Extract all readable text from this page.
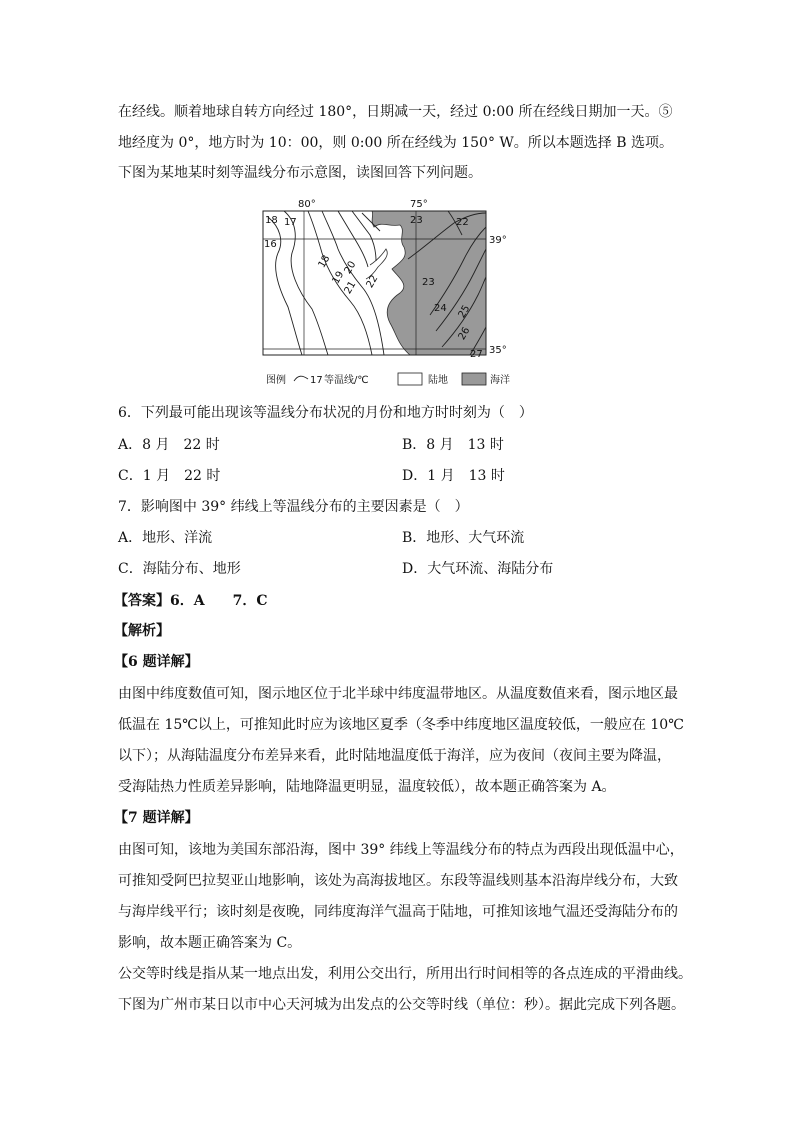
在经线。顺着地球自转方向经过 180°，日期减一天，经过 0:00 所在经线日期加一天。⑤
地经度为 0°，地方时为 10：00，则 0:00 所在经线为 150° W。所以本题选择 B 选项。
下图为某地某时刻等温线分布示意图，读图回答下列问题。
80°	75°
39°
35°
16
17
18
18
19
20
21 22
23	22
23
24 25
26
27
图例 17 等温线/℃	陆地	海洋
6．下列最可能出现该等温线分布状况的月份和地方时时刻为（　）
A．8 月　22 时	B．8 月　13 时
C．1 月　22 时	D．1 月　13 时
7．影响图中 39° 纬线上等温线分布的主要因素是（　）
A．地形、洋流	B．地形、大气环流
C．海陆分布、地形	D．大气环流、海陆分布
【答案】6．A　　7．C
【解析】
【6 题详解】
由图中纬度数值可知，图示地区位于北半球中纬度温带地区。从温度数值来看，图示地区最
低温在 15℃以上，可推知此时应为该地区夏季（冬季中纬度地区温度较低，一般应在 10℃
以下）；从海陆温度分布差异来看，此时陆地温度低于海洋，应为夜间（夜间主要为降温，
受海陆热力性质差异影响，陆地降温更明显，温度较低），故本题正确答案为 A。
【7 题详解】
由图可知，该地为美国东部沿海，图中 39° 纬线上等温线分布的特点为西段出现低温中心，
可推知受阿巴拉契亚山地影响，该处为高海拔地区。东段等温线则基本沿海岸线分布，大致
与海岸线平行；该时刻是夜晚，同纬度海洋气温高于陆地，可推知该地气温还受海陆分布的
影响，故本题正确答案为 C。
公交等时线是指从某一地点出发，利用公交出行，所用出行时间相等的各点连成的平滑曲线。
下图为广州市某日以市中心天河城为出发点的公交等时线（单位：秒）。据此完成下列各题。
